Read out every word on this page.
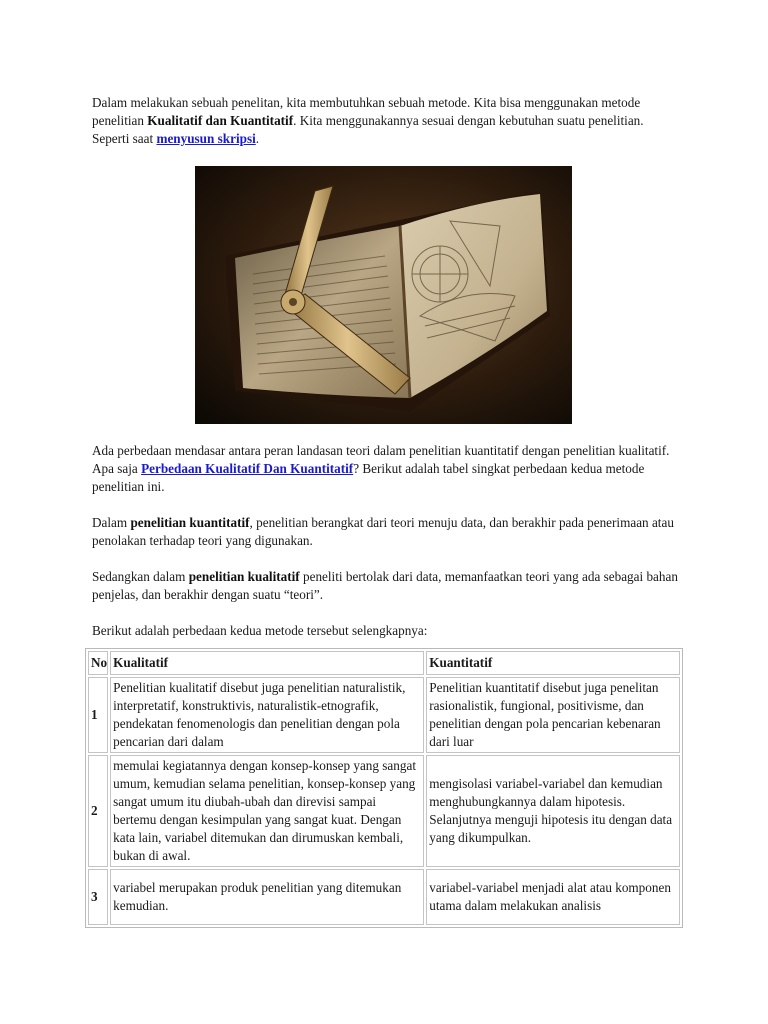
Dalam melakukan sebuah penelitan, kita membutuhkan sebuah metode. Kita bisa menggunakan metode penelitian Kualitatif dan Kuantitatif. Kita menggunakannya sesuai dengan kebutuhan suatu penelitian. Seperti saat menyusun skripsi.

Ada perbedaan mendasar antara peran landasan teori dalam penelitian kuantitatif dengan penelitian kualitatif. Apa saja Perbedaan Kualitatif Dan Kuantitatif? Berikut adalah tabel singkat perbedaan kedua metode penelitian ini.

Dalam penelitian kuantitatif, penelitian berangkat dari teori menuju data, dan berakhir pada penerimaan atau penolakan terhadap teori yang digunakan.

Sedangkan dalam penelitian kualitatif peneliti bertolak dari data, memanfaatkan teori yang ada sebagai bahan penjelas, dan berakhir dengan suatu “teori”.

Berikut adalah perbedaan kedua metode tersebut selengkapnya:

No	Kualitatif	Kuantitatif
1	Penelitian kualitatif disebut juga penelitian naturalistik, interpretatif, konstruktivis, naturalistik-etnografik, pendekatan fenomenologis dan penelitian dengan pola pencarian dari dalam	Penelitian kuantitatif disebut juga penelitan rasionalistik, fungional, positivisme, dan penelitian dengan pola pencarian kebenaran dari luar
2	memulai kegiatannya dengan konsep-konsep yang sangat umum, kemudian selama penelitian, konsep-konsep yang sangat umum itu diubah-ubah dan direvisi sampai bertemu dengan kesimpulan yang sangat kuat. Dengan kata lain, variabel ditemukan dan dirumuskan kembali, bukan di awal.	mengisolasi variabel-variabel dan kemudian menghubungkannya dalam hipotesis. Selanjutnya menguji hipotesis itu dengan data yang dikumpulkan.
3	variabel merupakan produk penelitian yang ditemukan kemudian.	variabel-variabel menjadi alat atau komponen utama dalam melakukan analisis
